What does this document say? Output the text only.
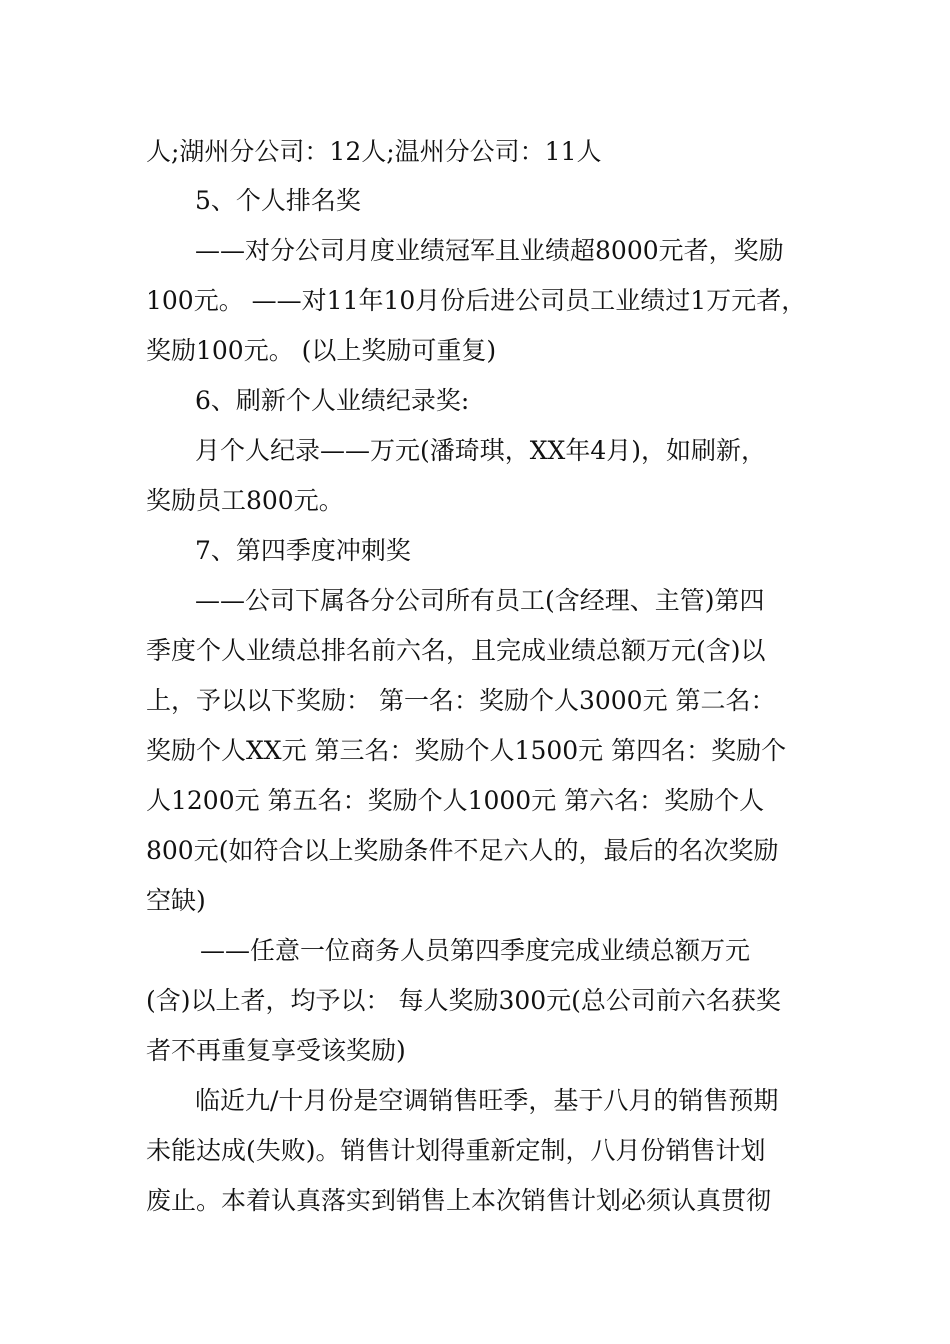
人;湖州分公司：12人;温州分公司：11人
5、个人排名奖
——对分公司月度业绩冠军且业绩超8000元者，奖励
100元。 ——对11年10月份后进公司员工业绩过1万元者，
奖励100元。 (以上奖励可重复)
6、刷新个人业绩纪录奖:
月个人纪录——万元(潘琦琪，XX年4月)，如刷新，
奖励员工800元。
7、第四季度冲刺奖
——公司下属各分公司所有员工(含经理、主管)第四
季度个人业绩总排名前六名，且完成业绩总额万元(含)以
上，予以以下奖励： 第一名：奖励个人3000元 第二名：
奖励个人XX元 第三名：奖励个人1500元 第四名：奖励个
人1200元 第五名：奖励个人1000元 第六名：奖励个人
800元(如符合以上奖励条件不足六人的，最后的名次奖励
空缺)
——任意一位商务人员第四季度完成业绩总额万元
(含)以上者，均予以： 每人奖励300元(总公司前六名获奖
者不再重复享受该奖励)
临近九/十月份是空调销售旺季，基于八月的销售预期
未能达成(失败)。销售计划得重新定制，八月份销售计划
废止。本着认真落实到销售上本次销售计划必须认真贯彻
